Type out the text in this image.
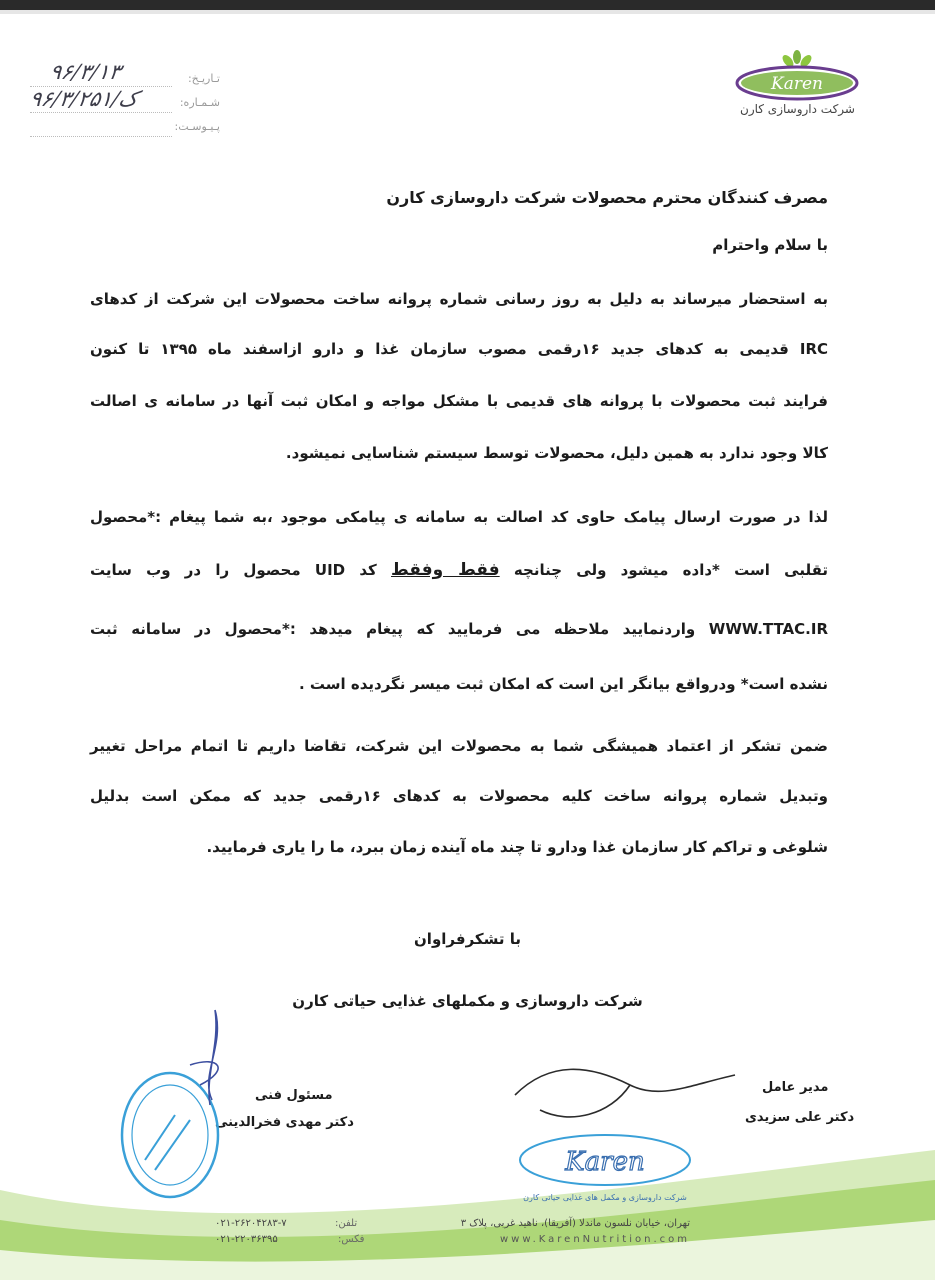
Karen
شرکت داروسازی کارن
تـاریـخ:
۹۶/۳/۱۳
شـمـاره:
۹۶/۳/۲۵۱/ک
پـیـوسـت:
مصرف کنندگان محترم محصولات شرکت داروسازی کارن
با سلام واحترام
به استحضار میرساند به دلیل به روز رسانی شماره پروانه ساخت محصولات این شرکت از کدهای
IRC قدیمی به کدهای جدید ۱۶رقمی مصوب سازمان غذا و دارو ازاسفند ماه ۱۳۹۵ تا کنون
فرایند ثبت محصولات با پروانه های قدیمی با مشکل مواجه و امکان ثبت آنها در سامانه ی اصالت
کالا وجود ندارد به همین دلیل، محصولات توسط سیستم شناسایی نمیشود.
لذا در صورت ارسال پیامک حاوی کد اصالت به سامانه ی پیامکی موجود ،به شما پیغام :*محصول
تقلبی است *داده میشود ولی چنانچه فقط وفقط کد UID محصول را در وب سایت
WWW.TTAC.IR واردنمایید ملاحظه می فرمایید که پیغام میدهد :*محصول در سامانه ثبت
نشده است* ودرواقع بیانگر این است که امکان ثبت میسر نگردیده است .
ضمن تشکر از اعتماد همیشگی شما به محصولات این شرکت، تقاضا داریم تا اتمام مراحل تغییر
وتبدیل شماره پروانه ساخت کلیه محصولات به کدهای ۱۶رقمی جدید که ممکن است بدلیل
شلوغی و تراکم کار سازمان غذا ودارو تا چند ماه آینده زمان ببرد، ما را یاری فرمایید.
با تشکرفراوان
شرکت داروسازی و مکملهای غذایی حیاتی کارن
مسئول فنی
دکتر مهدی فخرالدینی
مدیر عامل
دکتر علی سزیدی
Karen
شرکت داروسازی و مکمل های غذایی حیاتی کارن
تهران، خیابان نلسون ماندلا (آفریقا)، ناهید غربی، پلاک ۳
www.KarenNutrition.com
تلفن:
۰۲۱-۲۶۲۰۴۲۸۳-۷
فکس:
۰۲۱-۲۲۰۳۶۳۹۵
